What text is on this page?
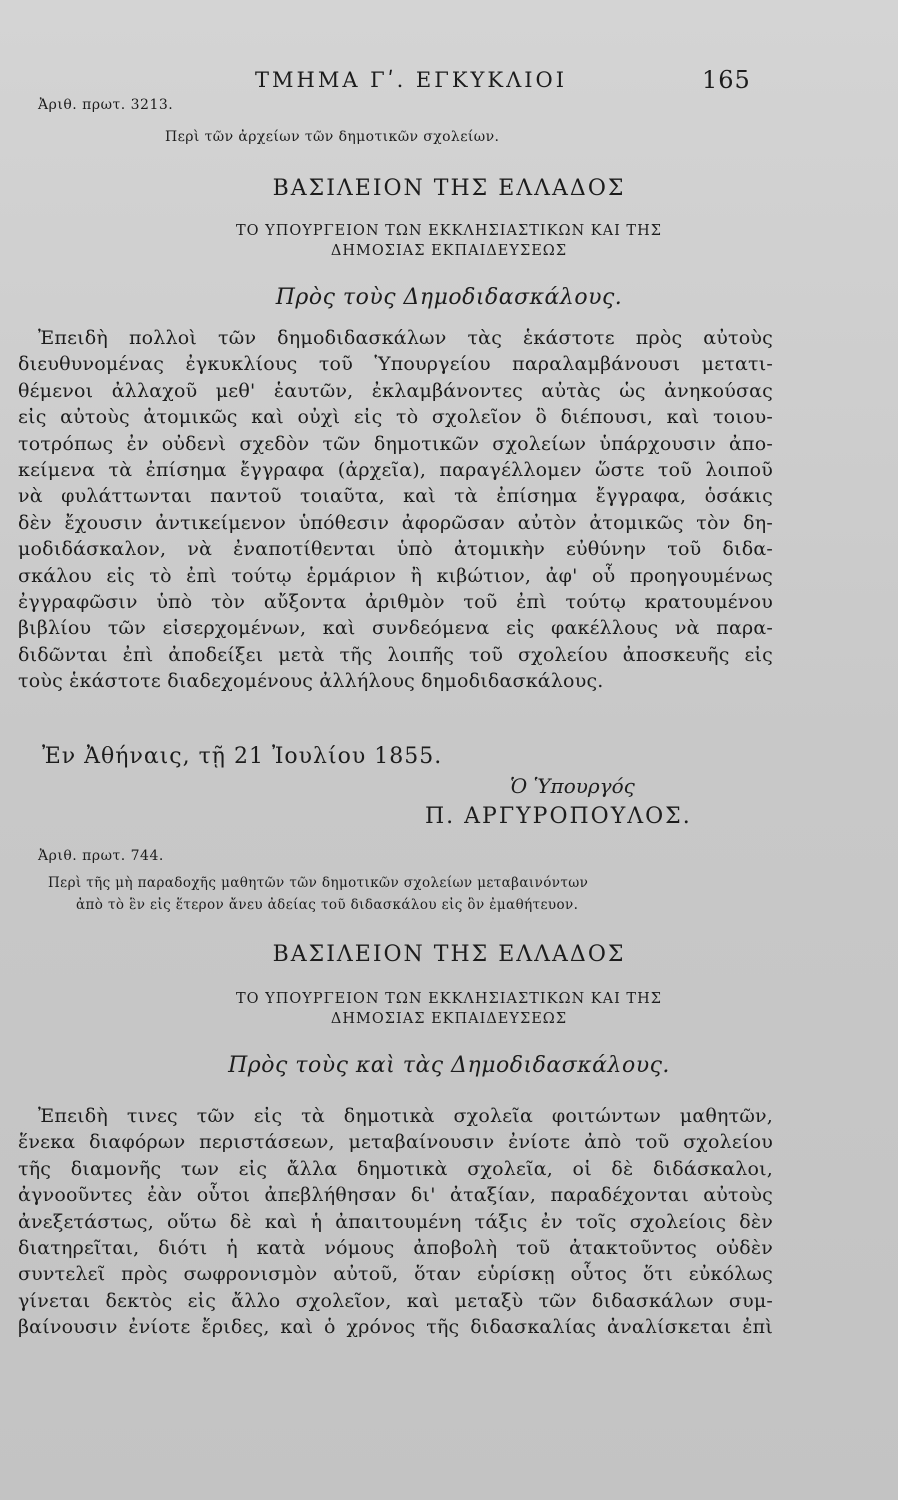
ΤΜΗΜΑ Γʹ. ΕΓΚΥΚΛΙΟΙ	165
Ἀριθ. πρωτ. 3213.
Περὶ τῶν ἀρχείων τῶν δημοτικῶν σχολείων.
ΒΑΣΙΛΕΙΟΝ ΤΗΣ ΕΛΛΑΔΟΣ
ΤΟ ΥΠΟΥΡΓΕΙΟΝ ΤΩΝ ΕΚΚΛΗΣΙΑΣΤΙΚΩΝ ΚΑΙ ΤΗΣ
ΔΗΜΟΣΙΑΣ ΕΚΠΑΙΔΕΥΣΕΩΣ
Πρὸς τοὺς Δημοδιδασκάλους.
Ἐπειδὴ πολλοὶ τῶν δημοδιδασκάλων τὰς ἑκάστοτε πρὸς αὐτοὺς
διευθυνομένας ἐγκυκλίους τοῦ Ὑπουργείου παραλαμβάνουσι μετατι-
θέμενοι ἀλλαχοῦ μεθ' ἑαυτῶν, ἐκλαμβάνοντες αὐτὰς ὡς ἀνηκούσας
εἰς αὐτοὺς ἀτομικῶς καὶ οὐχὶ εἰς τὸ σχολεῖον ὃ διέπουσι, καὶ τοιου-
τοτρόπως ἐν οὐδενὶ σχεδὸν τῶν δημοτικῶν σχολείων ὑπάρχουσιν ἀπο-
κείμενα τὰ ἐπίσημα ἔγγραφα (ἀρχεῖα), παραγέλλομεν ὥστε τοῦ λοιποῦ
νὰ φυλάττωνται παντοῦ τοιαῦτα, καὶ τὰ ἐπίσημα ἔγγραφα, ὁσάκις
δὲν ἔχουσιν ἀντικείμενον ὑπόθεσιν ἀφορῶσαν αὐτὸν ἀτομικῶς τὸν δη-
μοδιδάσκαλον, νὰ ἐναποτίθενται ὑπὸ ἀτομικὴν εὐθύνην τοῦ διδα-
σκάλου εἰς τὸ ἐπὶ τούτῳ ἑρμάριον ἢ κιβώτιον, ἀφ' οὗ προηγουμένως
ἐγγραφῶσιν ὑπὸ τὸν αὔξοντα ἀριθμὸν τοῦ ἐπὶ τούτῳ κρατουμένου
βιβλίου τῶν εἰσερχομένων, καὶ συνδεόμενα εἰς φακέλλους νὰ παρα-
διδῶνται ἐπὶ ἀποδείξει μετὰ τῆς λοιπῆς τοῦ σχολείου ἀποσκευῆς εἰς
τοὺς ἑκάστοτε διαδεχομένους ἀλλήλους δημοδιδασκάλους.
Ἐν Ἀθήναις, τῇ 21 Ἰουλίου 1855.
Ὁ Ὑπουργός
Π. ΑΡΓΥΡΟΠΟΥΛΟΣ.
Ἀριθ. πρωτ. 744.
Περὶ τῆς μὴ παραδοχῆς μαθητῶν τῶν δημοτικῶν σχολείων μεταβαινόντων
ἀπὸ τὸ ἓν εἰς ἕτερον ἄνευ ἀδείας τοῦ διδασκάλου εἰς ὃν ἐμαθήτευον.
ΒΑΣΙΛΕΙΟΝ ΤΗΣ ΕΛΛΑΔΟΣ
ΤΟ ΥΠΟΥΡΓΕΙΟΝ ΤΩΝ ΕΚΚΛΗΣΙΑΣΤΙΚΩΝ ΚΑΙ ΤΗΣ
ΔΗΜΟΣΙΑΣ ΕΚΠΑΙΔΕΥΣΕΩΣ
Πρὸς τοὺς καὶ τὰς Δημοδιδασκάλους.
Ἐπειδὴ τινες τῶν εἰς τὰ δημοτικὰ σχολεῖα φοιτώντων μαθητῶν,
ἕνεκα διαφόρων περιστάσεων, μεταβαίνουσιν ἐνίοτε ἀπὸ τοῦ σχολείου
τῆς διαμονῆς των εἰς ἄλλα δημοτικὰ σχολεῖα, οἱ δὲ διδάσκαλοι,
ἀγνοοῦντες ἐὰν οὗτοι ἀπεβλήθησαν δι' ἀταξίαν, παραδέχονται αὐτοὺς
ἀνεξετάστως, οὕτω δὲ καὶ ἡ ἀπαιτουμένη τάξις ἐν τοῖς σχολείοις δὲν
διατηρεῖται, διότι ἡ κατὰ νόμους ἀποβολὴ τοῦ ἀτακτοῦντος οὐδὲν
συντελεῖ πρὸς σωφρονισμὸν αὐτοῦ, ὅταν εὑρίσκῃ οὗτος ὅτι εὐκόλως
γίνεται δεκτὸς εἰς ἄλλο σχολεῖον, καὶ μεταξὺ τῶν διδασκάλων συμ-
βαίνουσιν ἐνίοτε ἔριδες, καὶ ὁ χρόνος τῆς διδασκαλίας ἀναλίσκεται ἐπὶ
